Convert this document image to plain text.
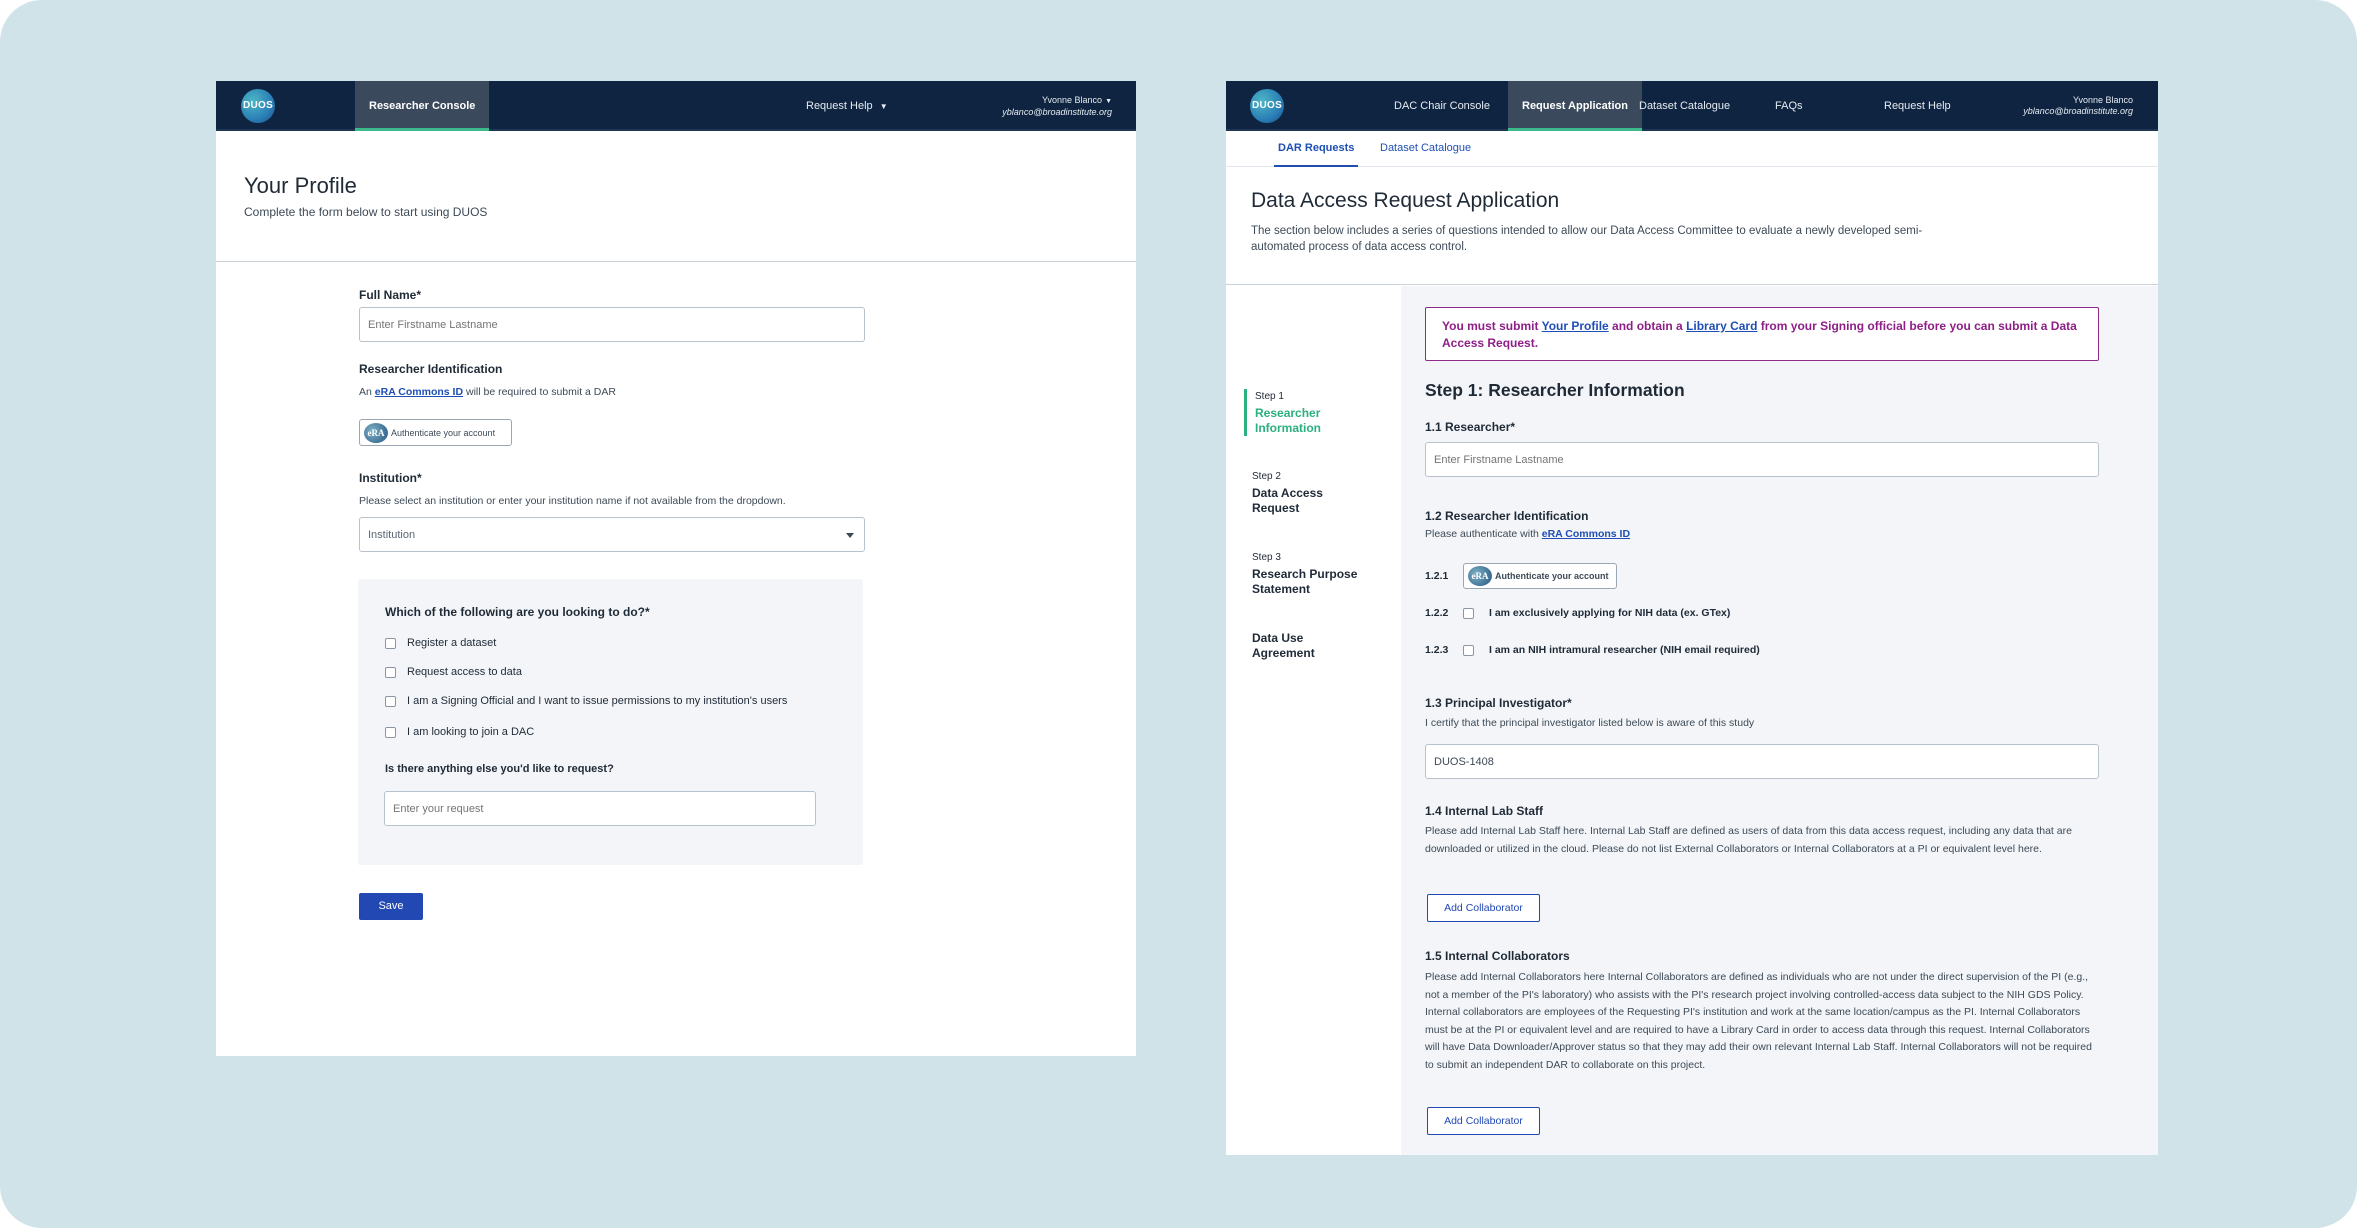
DUOS	Researcher Console	Request Help ▼
Yvonne Blanco ▼
yblanco@broadinstitute.org
Your Profile
Complete the form below to start using DUOS
Full Name*
Enter Firstname Lastname
Researcher Identification
An eRA Commons ID will be required to submit a DAR
eRA Authenticate your account
Institution*
Please select an institution or enter your institution name if not available from the dropdown.
Institution
Which of the following are you looking to do?*
Register a dataset
Request access to data
I am a Signing Official and I want to issue permissions to my institution's users
I am looking to join a DAC
Is there anything else you'd like to request?
Enter your request
Save
DUOS	DAC Chair Console	Request Application	Dataset Catalogue	FAQs	Request Help	Yvonne Blanco
yblanco@broadinstitute.org
DAR Requests	Dataset Catalogue
Data Access Request Application
The section below includes a series of questions intended to allow our Data Access Committee to evaluate a newly developed semi-automated process of data access control.
Step 1
Researcher Information
Step 2
Data Access Request
Step 3
Research Purpose Statement
Data Use Agreement
You must submit Your Profile and obtain a Library Card from your Signing official before you can submit a Data Access Request.
Step 1: Researcher Information
1.1 Researcher*
Enter Firstname Lastname
1.2 Researcher Identification
Please authenticate with eRA Commons ID
1.2.1	eRA Authenticate your account
1.2.2	I am exclusively applying for NIH data (ex. GTex)
1.2.3	I am an NIH intramural researcher (NIH email required)
1.3 Principal Investigator*
I certify that the principal investigator listed below is aware of this study
DUOS-1408
1.4 Internal Lab Staff
Please add Internal Lab Staff here. Internal Lab Staff are defined as users of data from this data access request, including any data that are downloaded or utilized in the cloud. Please do not list External Collaborators or Internal Collaborators at a PI or equivalent level here.
Add Collaborator
1.5 Internal Collaborators
Please add Internal Collaborators here Internal Collaborators are defined as individuals who are not under the direct supervision of the PI (e.g., not a member of the PI's laboratory) who assists with the PI's research project involving controlled-access data subject to the NIH GDS Policy. Internal collaborators are employees of the Requesting PI's institution and work at the same location/campus as the PI. Internal Collaborators must be at the PI or equivalent level and are required to have a Library Card in order to access data through this request. Internal Collaborators will have Data Downloader/Approver status so that they may add their own relevant Internal Lab Staff. Internal Collaborators will not be required to submit an independent DAR to collaborate on this project.
Add Collaborator
